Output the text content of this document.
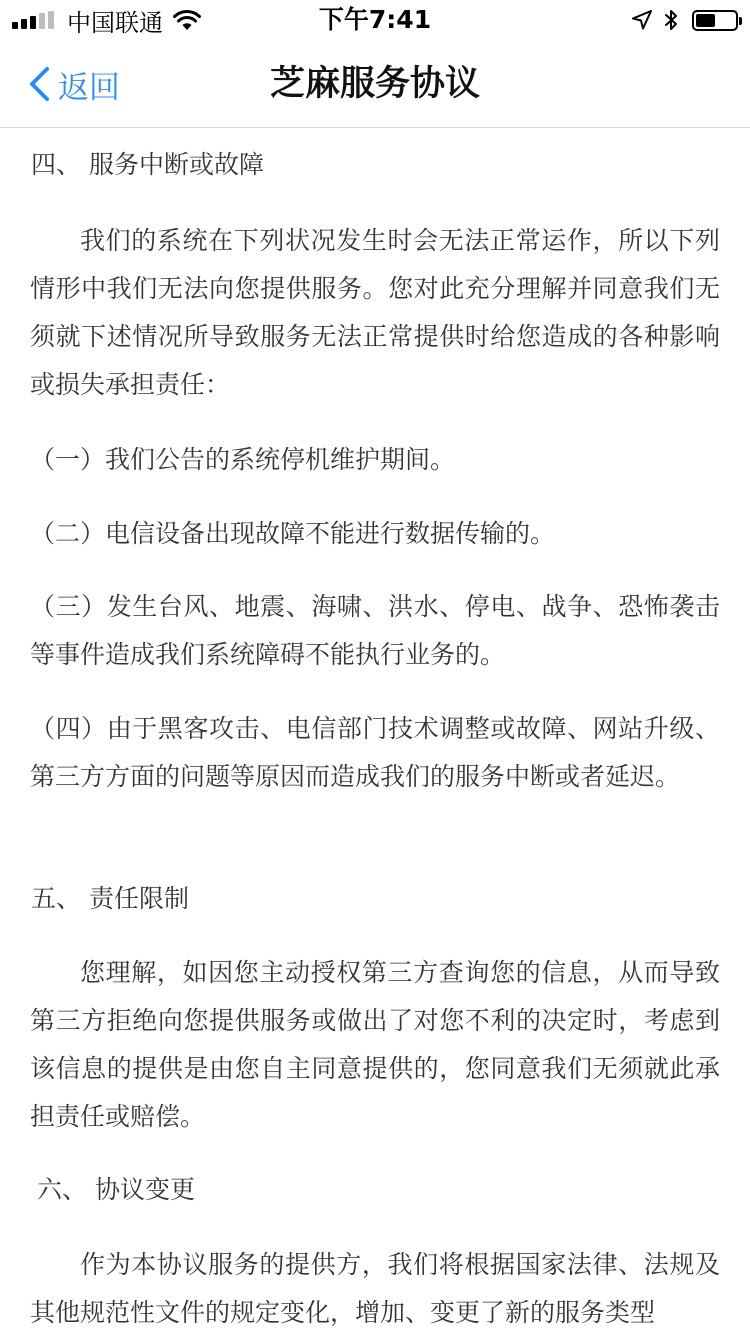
中国联通	下午7:41
返回	芝麻服务协议
四、 服务中断或故障

我们的系统在下列状况发生时会无法正常运作，所以下列情形中我们无法向您提供服务。您对此充分理解并同意我们无须就下述情况所导致服务无法正常提供时给您造成的各种影响或损失承担责任：

（一）我们公告的系统停机维护期间。

（二）电信设备出现故障不能进行数据传输的。

（三）发生台风、地震、海啸、洪水、停电、战争、恐怖袭击等事件造成我们系统障碍不能执行业务的。

（四）由于黑客攻击、电信部门技术调整或故障、网站升级、第三方方面的问题等原因而造成我们的服务中断或者延迟。

五、 责任限制

您理解，如因您主动授权第三方查询您的信息，从而导致第三方拒绝向您提供服务或做出了对您不利的决定时，考虑到该信息的提供是由您自主同意提供的，您同意我们无须就此承担责任或赔偿。

六、 协议变更

作为本协议服务的提供方，我们将根据国家法律、法规及其他规范性文件的规定变化，增加、变更了新的服务类型
